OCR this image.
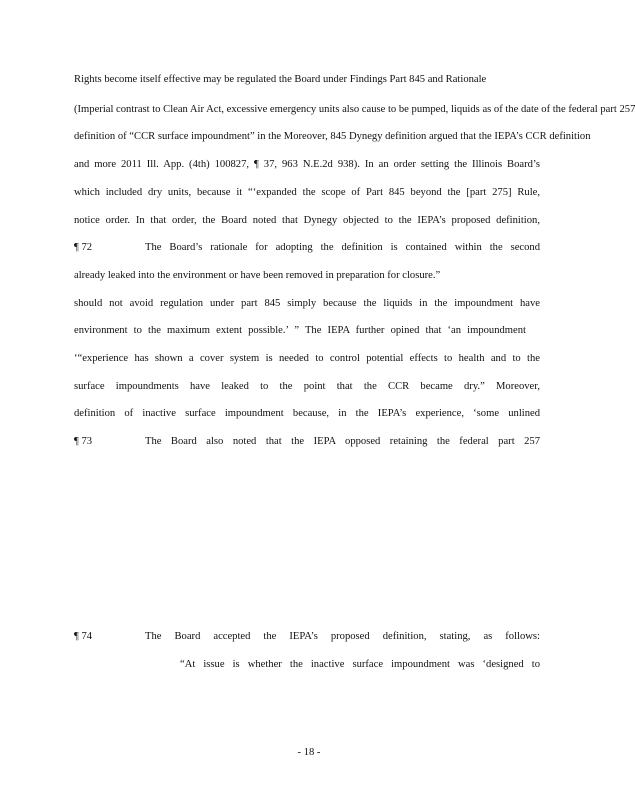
Rights become itself effective may be regulated the Board under Findings Part 845 and Rationale
(Imperial contrast to Clean Air Act, excessive emergency units also cause to be pumped, liquids as of the date of the federal part 257
definition of “CCR surface impoundment” in the Moreover, 845 Dynegy definition argued that the IEPA’s CCR definition
and more 2011 Ill. App. (4th) 100827, ¶ 37, 963 N.E.2d 938). In an order setting the Illinois Board’s
which included dry units, because it “‘expanded the scope of Part 845 beyond the [part 275] Rule,
notice order. In that order, the Board noted that Dynegy objected to the IEPA’s proposed definition,
¶ 72	The Board’s rationale for adopting the definition is contained within the second
already leaked into the environment or have been removed in preparation for closure.”
should not avoid regulation under part 845 simply because the liquids in the impoundment have
environment to the maximum extent possible.’ ” The IEPA further opined that ‘an impoundment
‘“experience has shown a cover system is needed to control potential effects to health and to the
surface impoundments have leaked to the point that the CCR became dry.” Moreover,
definition of inactive surface impoundment because, in the IEPA’s experience, ‘some unlined
¶ 73	The Board also noted that the IEPA opposed retaining the federal part 257
¶ 74	The Board accepted the IEPA’s proposed definition, stating, as follows:
“At issue is whether the inactive surface impoundment was ‘designed to
- 18 -
